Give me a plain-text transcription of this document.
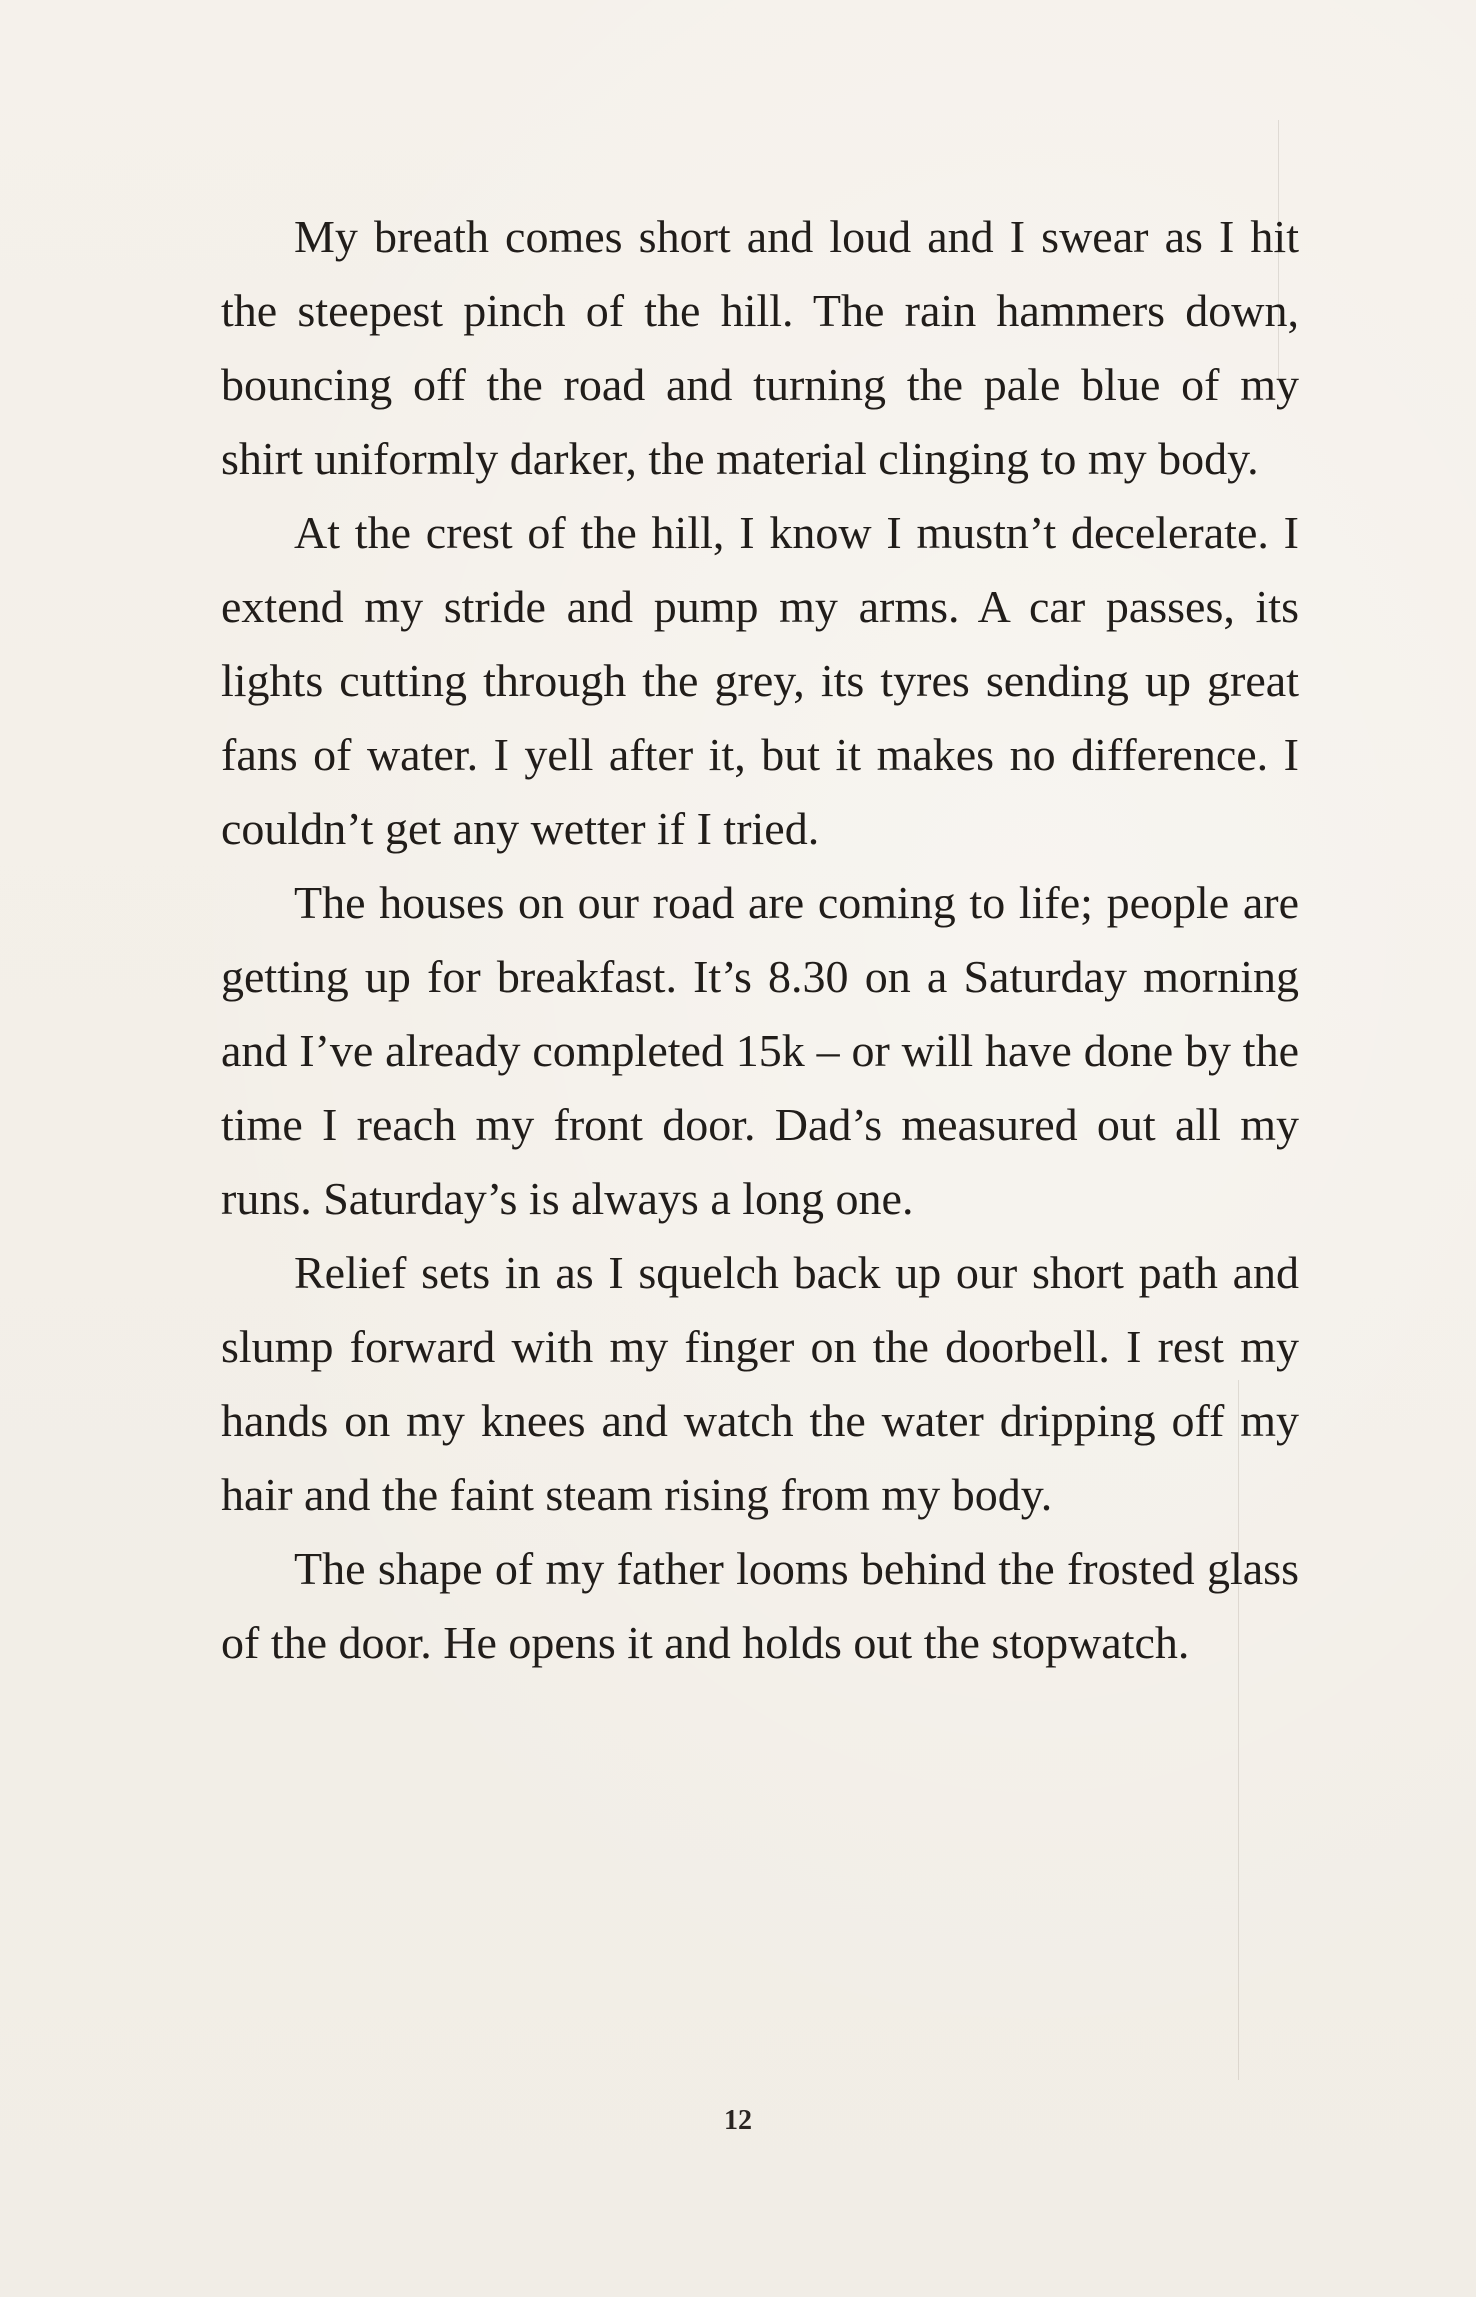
My breath comes short and loud and I swear as I hit the steepest pinch of the hill. The rain hammers down, bouncing off the road and turning the pale blue of my shirt uniformly darker, the material clinging to my body.

At the crest of the hill, I know I mustn’t decelerate. I extend my stride and pump my arms. A car passes, its lights cutting through the grey, its tyres sending up great fans of water. I yell after it, but it makes no difference. I couldn’t get any wetter if I tried.

The houses on our road are coming to life; people are getting up for breakfast. It’s 8.30 on a Saturday morning and I’ve already completed 15k – or will have done by the time I reach my front door. Dad’s measured out all my runs. Saturday’s is always a long one.

Relief sets in as I squelch back up our short path and slump forward with my finger on the doorbell. I rest my hands on my knees and watch the water dripping off my hair and the faint steam rising from my body.

The shape of my father looms behind the frosted glass of the door. He opens it and holds out the stopwatch.

12
